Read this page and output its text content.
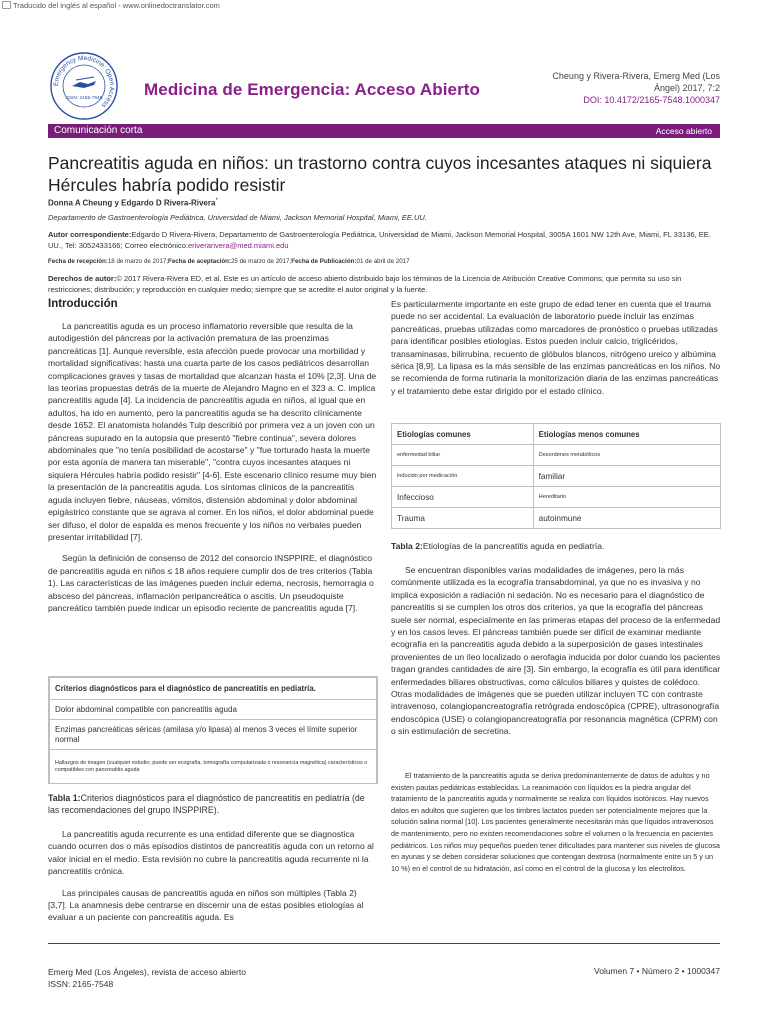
Traducido del inglés al español - www.onlinedoctranslator.com
Emergency Medicine: Open Access
ISSN: 2165-7548 Medicina de Emergencia: Acceso Abierto
Cheung y Rivera-Rivera, Emerg Med (Los Ángel) 2017, 7:2
DOI: 10.4172/2165-7548.1000347
Comunicación corta	Acceso abierto
Pancreatitis aguda en niños: un trastorno contra cuyos incesantes ataques ni siquiera Hércules habría podido resistir
Donna A Cheung y Edgardo D Rivera-Rivera*
Departamento de Gastroenterología Pediátrica, Universidad de Miami, Jackson Memorial Hospital, Miami, EE.UU.
Autor correspondiente:Edgardo D Rivera-Rivera, Departamento de Gastroenterología Pediátrica, Universidad de Miami, Jackson Memorial Hospital, 3005A 1601 NW 12th Ave, Miami, FL 33136, EE. UU., Tel: 3052433166; Correo electrónico:eriverarivera@med.miami.edu
Fecha de recepción:18 de marzo de 2017;Fecha de aceptación:25 de marzo de 2017;Fecha de Publicación:01 de abril de 2017
Derechos de autor:© 2017 Rivera-Rivera ED, et al. Este es un artículo de acceso abierto distribuido bajo los términos de la Licencia de Atribución Creative Commons; que permita su uso sin restricciones; distribución; y reproducción en cualquier medio; siempre que se acredite el autor original y la fuente.
Introducción

La pancreatitis aguda es un proceso inflamatorio reversible que resulta de la autodigestión del páncreas por la activación prematura de las proenzimas pancreáticas [1]. Aunque reversible, esta afección puede provocar una morbilidad y mortalidad significativas: hasta una cuarta parte de los casos pediátricos desarrollan complicaciones graves y tasas de mortalidad que alcanzan hasta el 10% [2,3]. Una de las teorías propuestas detrás de la muerte de Alejandro Magno en el 323 a. C. implica pancreatitis aguda [4]. La incidencia de pancreatitis aguda en niños, al igual que en adultos, ha ido en aumento, pero la pancreatitis aguda se ha descrito clínicamente desde 1652. El anatomista holandés Tulp describió por primera vez a un joven con un páncreas supurado en la autopsia que presentó "fiebre continua", severa dolores abdominales que "no tenía posibilidad de acostarse" y "fue torturado hasta la muerte por esta agonía de manera tan miserable", "contra cuyos incesantes ataques ni siquiera Hércules habría podido resistir" [4-6]. Este escenario clínico resume muy bien la presentación de la pancreatitis aguda. Los síntomas clínicos de la pancreatitis aguda incluyen fiebre, náuseas, vómitos, distensión abdominal y dolor abdominal epigástrico constante que se agrava al comer. En los niños, el dolor abdominal puede ser difuso, el dolor de espalda es menos frecuente y los niños no verbales pueden presentar irritabilidad [7].

Según la definición de consenso de 2012 del consorcio INSPPIRE, el diagnóstico de pancreatitis aguda en niños ≤ 18 años requiere cumplir dos de tres criterios (Tabla 1). Las características de las imágenes pueden incluir edema, necrosis, hemorragia o absceso del páncreas, inflamación peripancreática o ascitis. Un pseudoquiste pancreático también puede indicar un episodio reciente de pancreatitis aguda [7].

Criterios diagnósticos para el diagnóstico de pancreatitis en pediatría.
Dolor abdominal compatible con pancreatitis aguda
Enzimas pancreáticas séricas (amilasa y/o lipasa) al menos 3 veces el límite superior normal
Hallazgos de imagen (cualquier estudio; puede ser ecografía, tomografía computarizada o resonancia magnética) característicos o compatibles con pancreatitis aguda
Tabla 1:Criterios diagnósticos para el diagnóstico de pancreatitis en pediatría (de las recomendaciones del grupo INSPPIRE).

La pancreatitis aguda recurrente es una entidad diferente que se diagnostica cuando ocurren dos o más episodios distintos de pancreatitis aguda con un retorno al valor inicial en el medio. Esta revisión no cubre la pancreatitis aguda recurrente ni la pancreatitis crónica.

Las principales causas de pancreatitis aguda en niños son múltiples (Tabla 2) [3,7]. La anamnesis debe centrarse en discernir una de estas posibles etiologías al evaluar a un paciente con pancreatitis aguda. Es

Es particularmente importante en este grupo de edad tener en cuenta que el trauma puede no ser accidental. La evaluación de laboratorio puede incluir las enzimas pancreáticas, pruebas utilizadas como marcadores de pronóstico o pruebas utilizadas para identificar posibles etiologías. Estos pueden incluir calcio, triglicéridos, transaminasas, bilirrubina, recuento de glóbulos blancos, nitrógeno ureico y albúmina sérica [8,9]. La lipasa es la más sensible de las enzimas pancreáticas en los niños. No se recomienda de forma rutinaria la monitorización diaria de las enzimas pancreáticas y el tratamiento debe estar dirigido por el estado clínico.

Etiologías comunes	Etiologías menos comunes
enfermedad biliar	Desordenes metabólicos
inducido por medicación	familiar
Infeccioso	Hereditario
Trauma	autoinmune
Tabla 2:Etiologías de la pancreatitis aguda en pediatría.

Se encuentran disponibles varias modalidades de imágenes, pero la más comúnmente utilizada es la ecografía transabdominal, ya que no es invasiva y no implica exposición a radiación ni sedación. No es necesario para el diagnóstico de pancreatitis si se cumplen los otros dos criterios, ya que la ecografía del páncreas suele ser normal, especialmente en las primeras etapas del proceso de la enfermedad y en los casos leves. El páncreas también puede ser difícil de examinar mediante ecografía en la pancreatitis aguda debido a la superposición de gases intestinales provenientes de un íleo localizado o aerofagia inducida por dolor cuando los pacientes tragan grandes cantidades de aire [3]. Sin embargo, la ecografía es útil para identificar enfermedades biliares obstructivas, como cálculos biliares y quistes de colédoco. Otras modalidades de imágenes que se pueden utilizar incluyen TC con contraste intravenoso, colangiopancreatografía retrógrada endoscópica (CPRE), ultrasonografía endoscópica (USE) o colangiopancreatografía por resonancia magnética (CPRM) con o sin estimulación de secretina.

El tratamiento de la pancreatitis aguda se deriva predominantemente de datos de adultos y no existen pautas pediátricas establecidas. La reanimación con líquidos es la piedra angular del tratamiento de la pancreatitis aguda y normalmente se realiza con líquidos isotónicos. Hay nuevos datos en adultos que sugieren que los timbres lactatos pueden ser potencialmente mejores que la solución salina normal [10]. Los pacientes generalmente necesitarán más que líquidos intravenosos de mantenimiento, pero no existen recomendaciones sobre el volumen o la frecuencia en pacientes pediátricos. Los niños muy pequeños pueden tener dificultades para mantener sus niveles de glucosa en ayunas y se deben considerar soluciones que contengan dextrosa (normalmente entre un 5 y un 10 %) en el control de su hidratación, así como en el control de la glucosa y los electrolitos.

Emerg Med (Los Ángeles), revista de acceso abierto
ISSN: 2165-7548
Volumen 7 • Número 2 • 1000347
